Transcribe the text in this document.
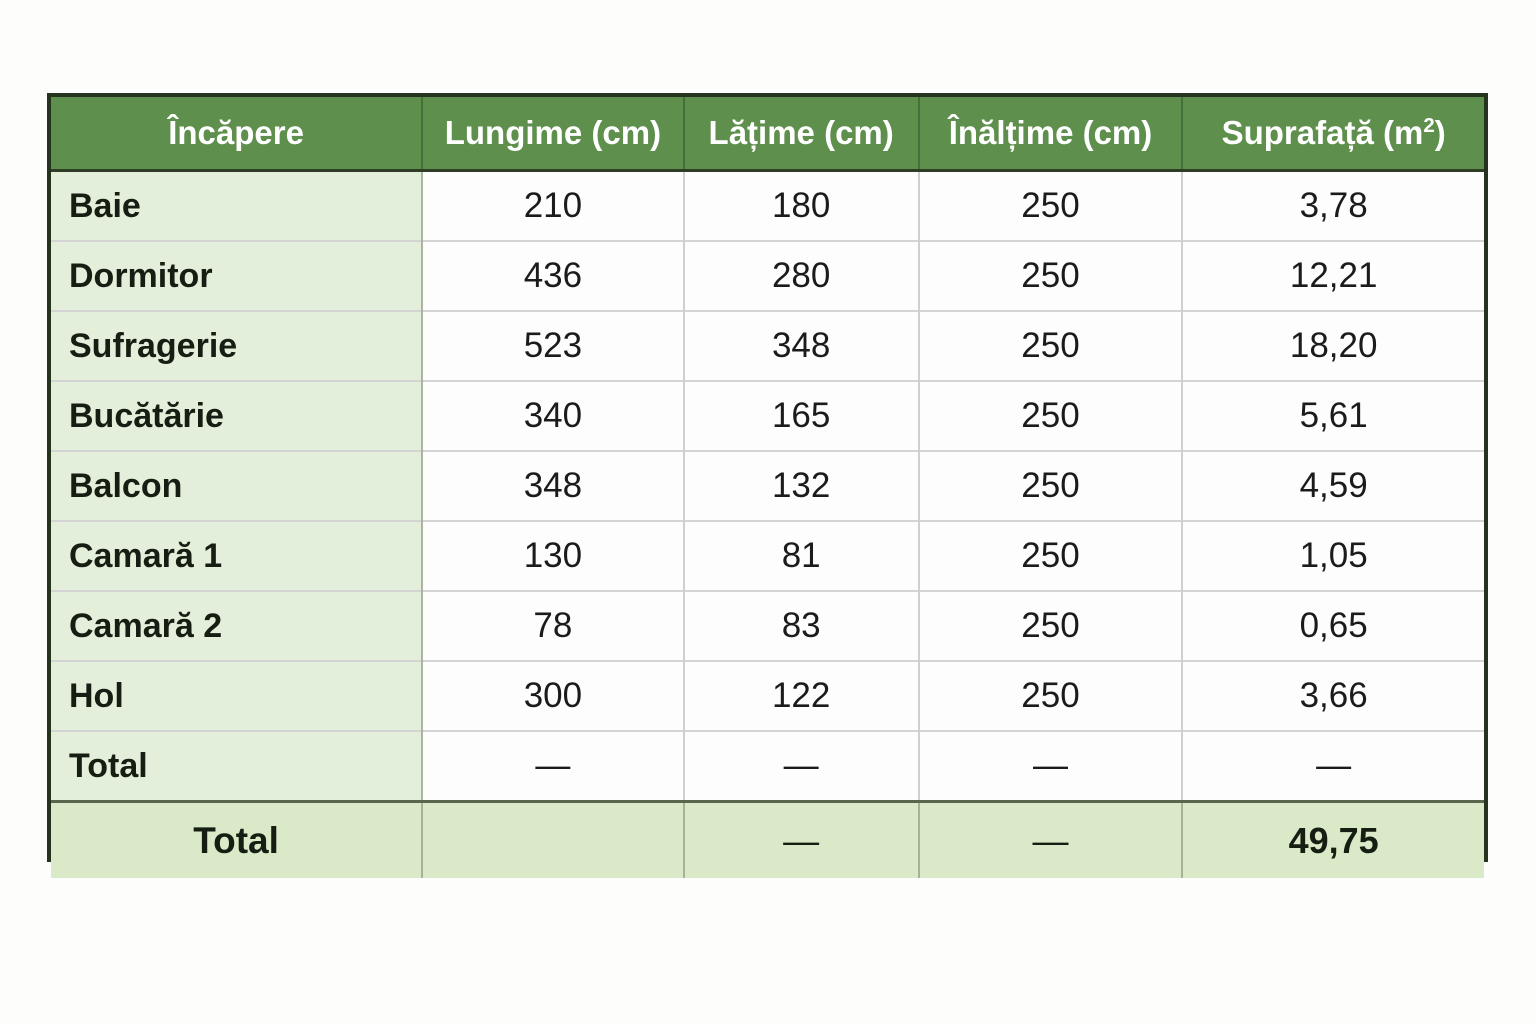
Încăpere	Lungime (cm)	Lățime (cm)	Înălțime (cm)	Suprafață $(m^2)$
Baie	210	180	250	3,78
Dormitor	436	280	250	12,21
Sufragerie	523	348	250	18,20
Bucătărie	340	165	250	5,61
Balcon	348	132	250	4,59
Camară 1	130	81	250	1,05
Camară 2	78	83	250	0,65
Hol	300	122	250	3,66
Total	—	—	—	—
Total		—	—	49,75
